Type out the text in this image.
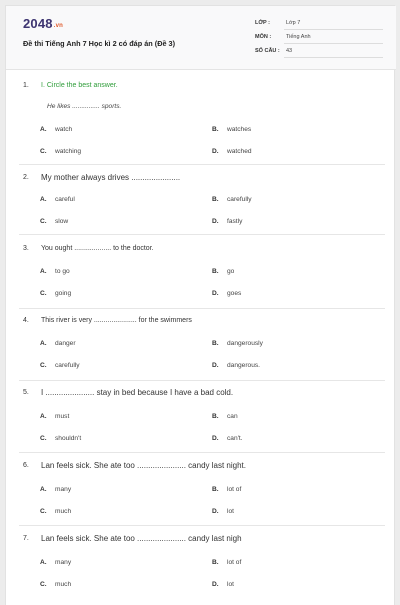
2048.vn
Đề thi Tiếng Anh 7 Học kì 2 có đáp án (Đề 3)
LỚP :	Lớp 7
MÔN :	Tiếng Anh
SỐ CÂU : 43
1. I. Circle the best answer.
He likes ............... sports.
A. watch	B. watches
C. watching	D. watched
2. My mother always drives ......................
A. careful	B. carefully
C. slow	D. fastly
3. You ought ................... to the doctor.
A. to go	B. go
C. going	D. goes
4. This river is very ...................... for the swimmers
A. danger	B. dangerously
C. carefully	D. dangerous.
5. I ...................... stay in bed because I have a bad cold.
A. must	B. can
C. shouldn't	D. can't.
6. Lan feels sick. She ate too ...................... candy last night.
A. many	B. lot of
C. much	D. lot
7. Lan feels sick. She ate too ...................... candy last nigh
A. many	B. lot of
C. much	D. lot
